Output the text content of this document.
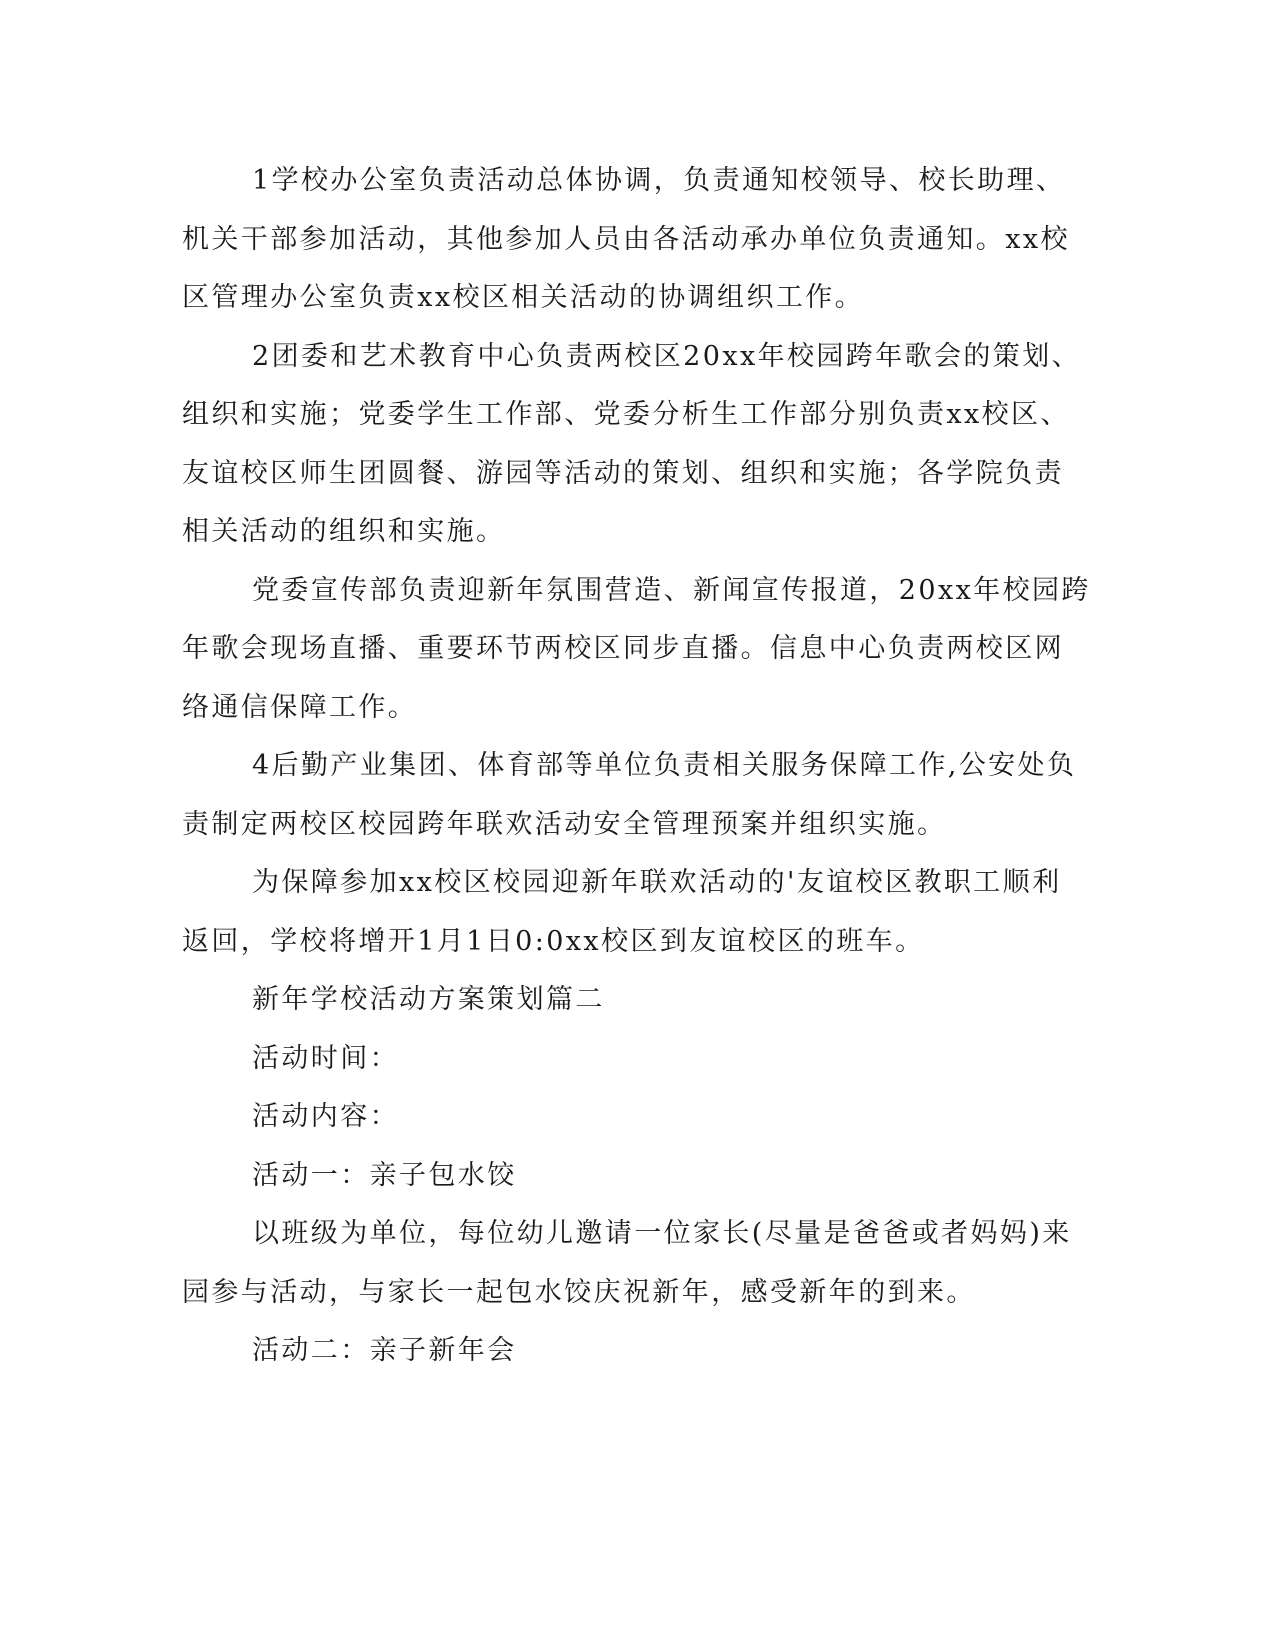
1学校办公室负责活动总体协调，负责通知校领导、校长助理、
机关干部参加活动，其他参加人员由各活动承办单位负责通知。xx校
区管理办公室负责xx校区相关活动的协调组织工作。
2团委和艺术教育中心负责两校区20xx年校园跨年歌会的策划、
组织和实施；党委学生工作部、党委分析生工作部分别负责xx校区、
友谊校区师生团圆餐、游园等活动的策划、组织和实施；各学院负责
相关活动的组织和实施。
党委宣传部负责迎新年氛围营造、新闻宣传报道，20xx年校园跨
年歌会现场直播、重要环节两校区同步直播。信息中心负责两校区网
络通信保障工作。
4后勤产业集团、体育部等单位负责相关服务保障工作,公安处负
责制定两校区校园跨年联欢活动安全管理预案并组织实施。
为保障参加xx校区校园迎新年联欢活动的'友谊校区教职工顺利
返回，学校将增开1月1日0:0xx校区到友谊校区的班车。
新年学校活动方案策划篇二
活动时间：
活动内容：
活动一：亲子包水饺
以班级为单位，每位幼儿邀请一位家长(尽量是爸爸或者妈妈)来
园参与活动，与家长一起包水饺庆祝新年，感受新年的到来。
活动二：亲子新年会
